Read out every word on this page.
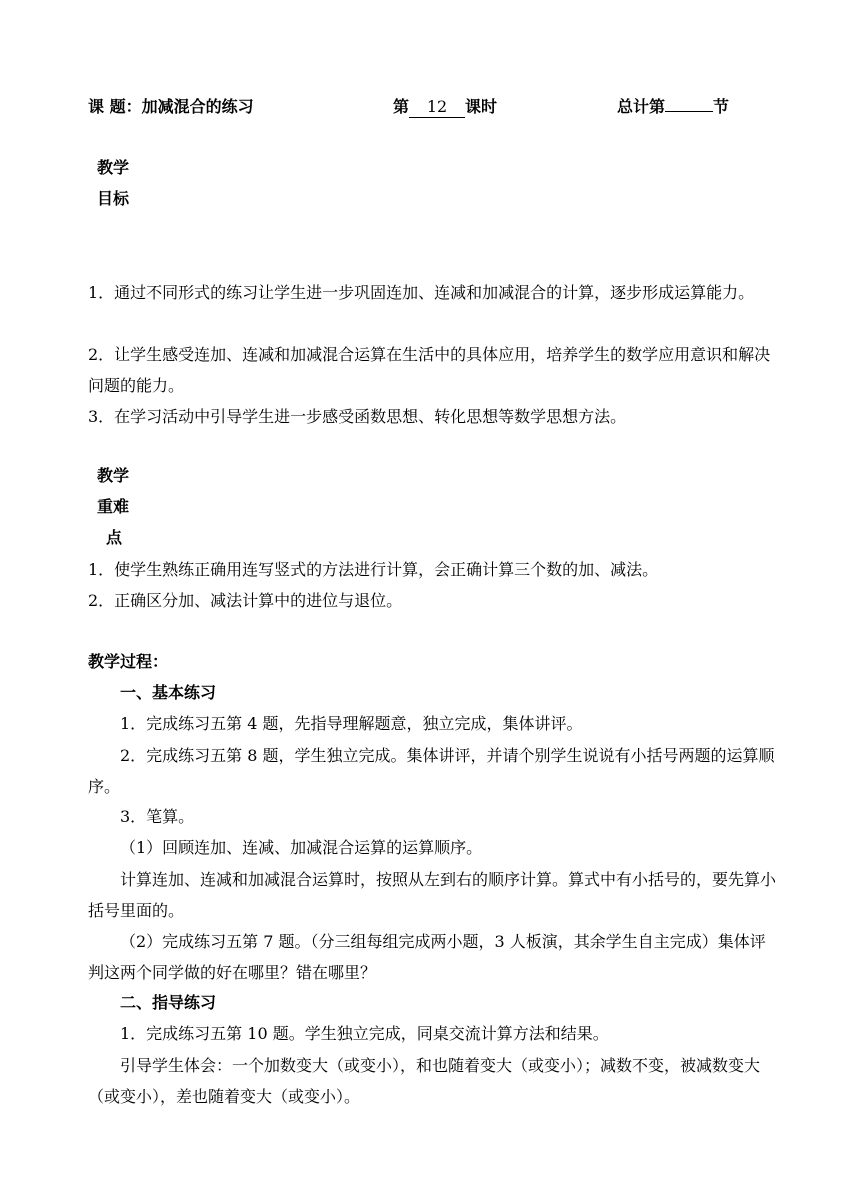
课 题：加减混合的练习	第 12 课时	总计第	节
教学
目标
1．通过不同形式的练习让学生进一步巩固连加、连减和加减混合的计算，逐步形成运算能力。
2．让学生感受连加、连减和加减混合运算在生活中的具体应用，培养学生的数学应用意识和解决问题的能力。
3．在学习活动中引导学生进一步感受函数思想、转化思想等数学思想方法。
教学
重难
点
1．使学生熟练正确用连写竖式的方法进行计算，会正确计算三个数的加、减法。
2．正确区分加、减法计算中的进位与退位。
教学过程：
一、基本练习
1．完成练习五第 4 题，先指导理解题意，独立完成，集体讲评。
2．完成练习五第 8 题，学生独立完成。集体讲评，并请个别学生说说有小括号两题的运算顺序。
3．笔算。
（1）回顾连加、连减、加减混合运算的运算顺序。
计算连加、连减和加减混合运算时，按照从左到右的顺序计算。算式中有小括号的，要先算小括号里面的。
（2）完成练习五第 7 题。（分三组每组完成两小题，3 人板演，其余学生自主完成）集体评判这两个同学做的好在哪里？错在哪里？
二、指导练习
1．完成练习五第 10 题。学生独立完成，同桌交流计算方法和结果。
引导学生体会：一个加数变大（或变小），和也随着变大（或变小）；减数不变，被减数变大（或变小），差也随着变大（或变小）。
